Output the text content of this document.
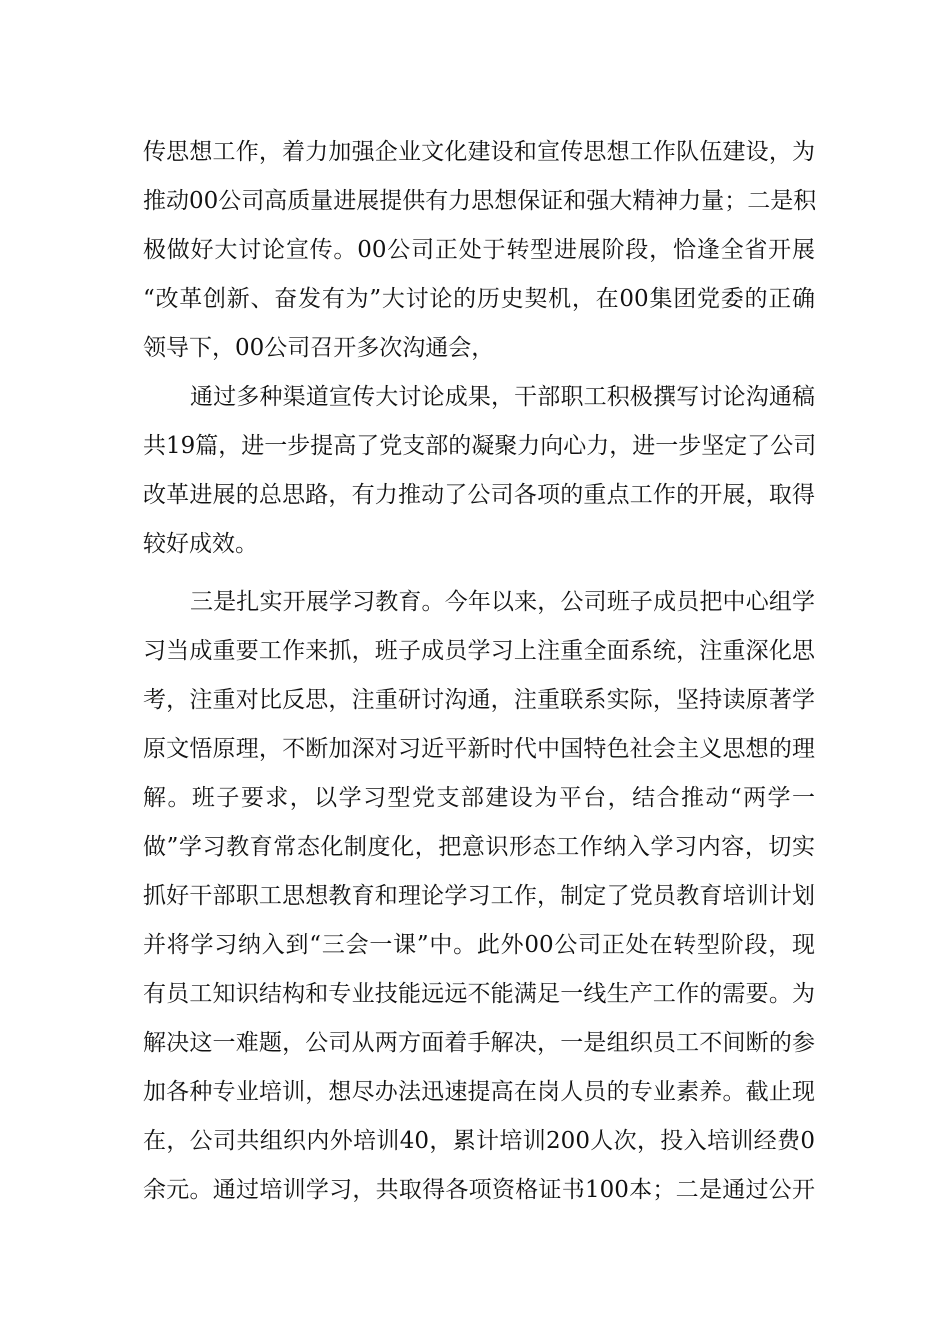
传思想工作，着力加强企业文化建设和宣传思想工作队伍建设，为
推动00公司高质量进展提供有力思想保证和强大精神力量；二是积
极做好大讨论宣传。00公司正处于转型进展阶段，恰逢全省开展
“改革创新、奋发有为”大讨论的历史契机，在00集团党委的正确
领导下，00公司召开多次沟通会，
通过多种渠道宣传大讨论成果，干部职工积极撰写讨论沟通稿
共19篇，进一步提高了党支部的凝聚力向心力，进一步坚定了公司
改革进展的总思路，有力推动了公司各项的重点工作的开展，取得
较好成效。
三是扎实开展学习教育。今年以来，公司班子成员把中心组学
习当成重要工作来抓，班子成员学习上注重全面系统，注重深化思
考，注重对比反思，注重研讨沟通，注重联系实际，坚持读原著学
原文悟原理，不断加深对习近平新时代中国特色社会主义思想的理
解。班子要求，以学习型党支部建设为平台，结合推动“两学一
做”学习教育常态化制度化，把意识形态工作纳入学习内容，切实
抓好干部职工思想教育和理论学习工作，制定了党员教育培训计划
并将学习纳入到“三会一课”中。此外00公司正处在转型阶段，现
有员工知识结构和专业技能远远不能满足一线生产工作的需要。为
解决这一难题，公司从两方面着手解决，一是组织员工不间断的参
加各种专业培训，想尽办法迅速提高在岗人员的专业素养。截止现
在，公司共组织内外培训40，累计培训200人次，投入培训经费0
余元。通过培训学习，共取得各项资格证书100本；二是通过公开
